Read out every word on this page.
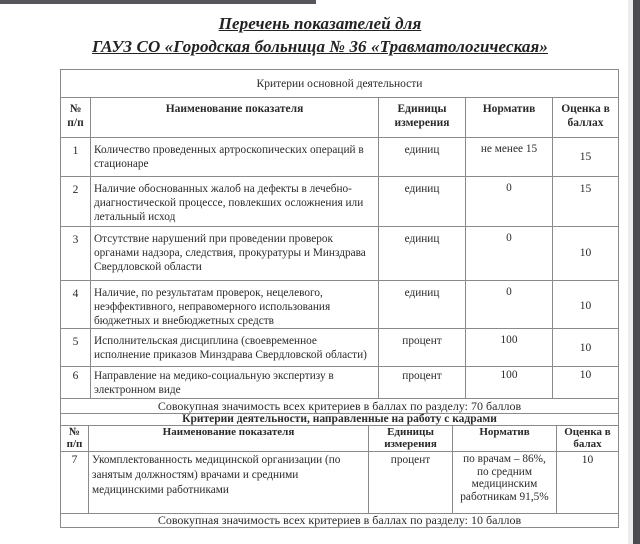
Перечень показателей для
ГАУЗ СО «Городская больница № 36 «Травматологическая»
Критерии основной деятельности				
№ п/п	Наименование показателя	Единицы измерения	Норматив	Оценка в баллах
1	Количество проведенных артроскопических операций в стационаре	единиц	не менее 15	15
2	Наличие обоснованных жалоб на дефекты в лечебно-диагностической процессе, повлекших осложнения или летальный исход	единиц	0	15
3	Отсутствие нарушений при проведении проверок органами надзора, следствия, прокуратуры и Минздрава Свердловской области	единиц	0	10
4	Наличие, по результатам проверок, нецелевого, неэффективного, неправомерного использования бюджетных и внебюджетных средств	единиц	0	10
5	Исполнительская дисциплина (своевременное исполнение приказов Минздрава Свердловской области)	процент	100	10
6	Направление на медико-социальную экспертизу в электронном виде	процент	100	10
Совокупная значимость всех критериев в баллах по разделу: 70 баллов				
Критерии деятельности, направленные на работу с кадрами				
№ п/п	Наименование показателя	Единицы измерения	Норматив	Оценка в балах
7	Укомплектованность медицинской организации (по занятым должностям) врачами и средними медицинскими работниками	процент	по врачам – 86%, по средним медицинским работникам 91,5%	10
Совокупная значимость всех критериев в баллах по разделу: 10 баллов				
